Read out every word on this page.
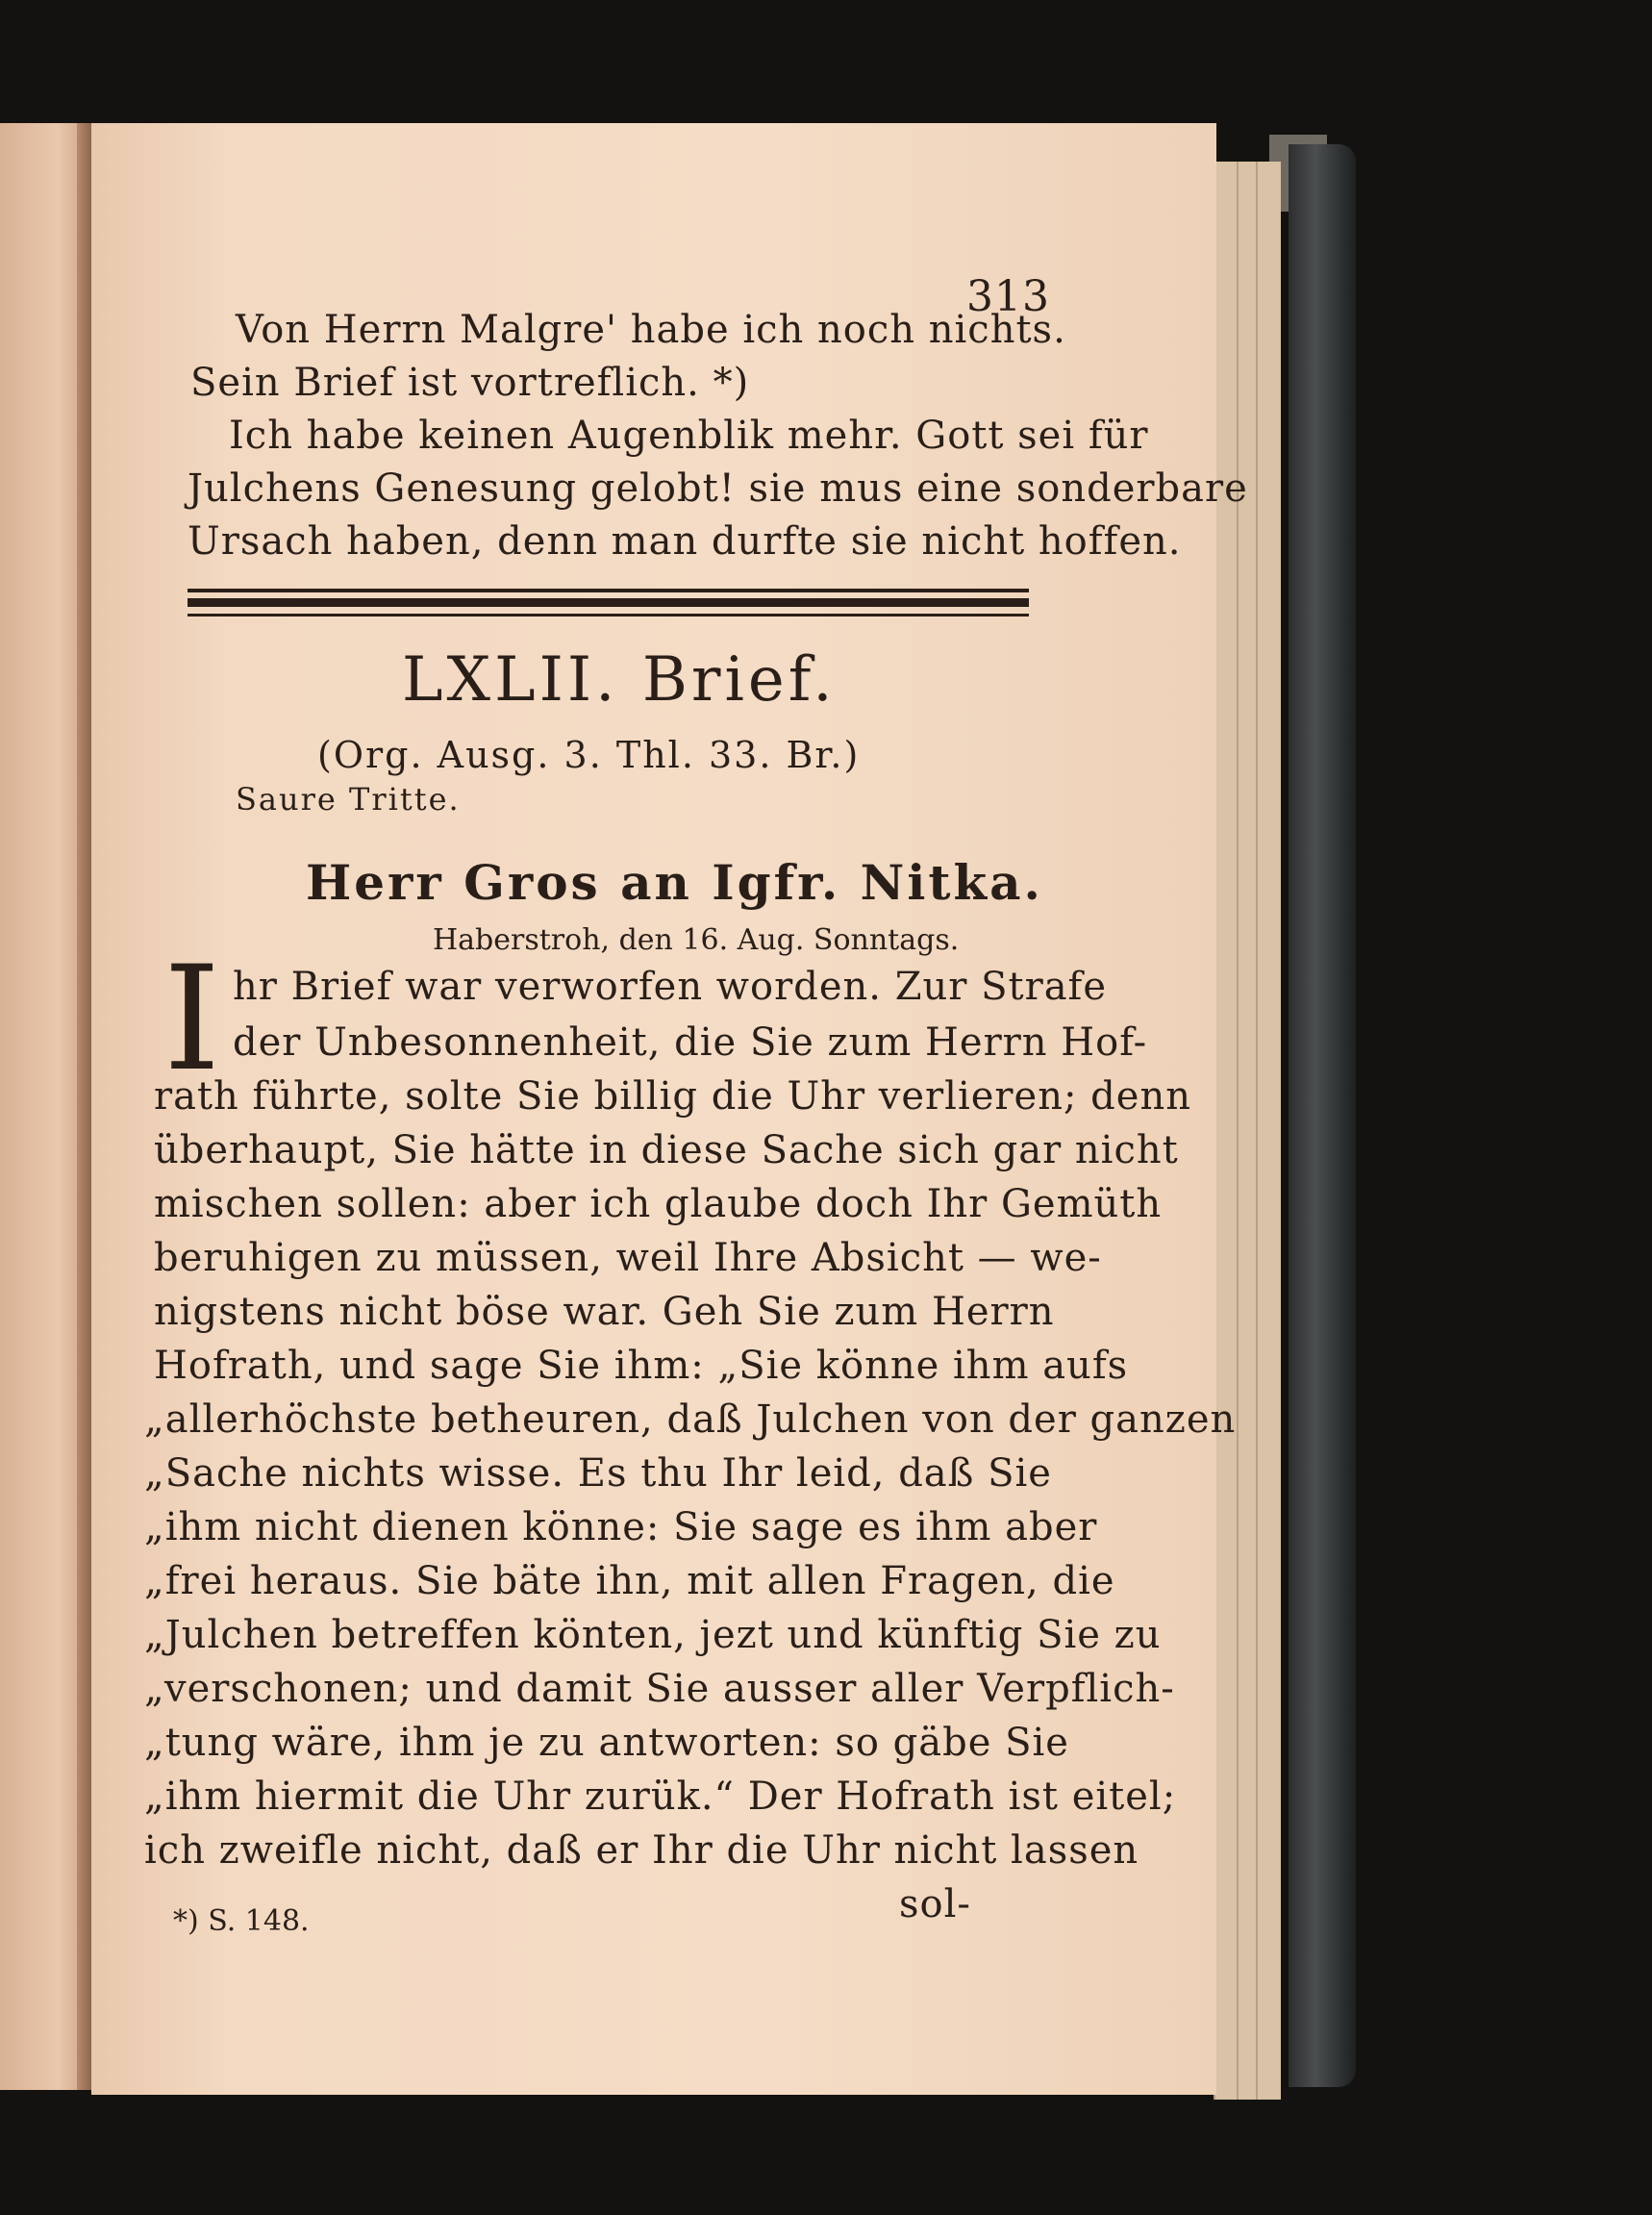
313
Von Herrn Malgre' habe ich noch nichts.
Sein Brief ist vortreflich. *)
Ich habe keinen Augenblik mehr. Gott sei für
Julchens Genesung gelobt! sie mus eine sonderbare
Ursach haben, denn man durfte sie nicht hoffen.
LXLII. Brief.
(Org. Ausg. 3. Thl. 33. Br.)
Saure Tritte.
Herr Gros an Igfr. Nitka.
Haberstroh, den 16. Aug. Sonntags.
I hr Brief war verworfen worden. Zur Strafe
der Unbesonnenheit, die Sie zum Herrn Hof-
rath führte, solte Sie billig die Uhr verlieren; denn
überhaupt, Sie hätte in diese Sache sich gar nicht
mischen sollen: aber ich glaube doch Ihr Gemüth
beruhigen zu müssen, weil Ihre Absicht — we-
nigstens nicht böse war. Geh Sie zum Herrn
Hofrath, und sage Sie ihm: „Sie könne ihm aufs
„allerhöchste betheuren, daß Julchen von der ganzen
„Sache nichts wisse. Es thu Ihr leid, daß Sie
„ihm nicht dienen könne: Sie sage es ihm aber
„frei heraus. Sie bäte ihn, mit allen Fragen, die
„Julchen betreffen könten, jezt und künftig Sie zu
„verschonen; und damit Sie ausser aller Verpflich-
„tung wäre, ihm je zu antworten: so gäbe Sie
„ihm hiermit die Uhr zurük.“ Der Hofrath ist eitel;
ich zweifle nicht, daß er Ihr die Uhr nicht lassen
sol-
*) S. 148.
